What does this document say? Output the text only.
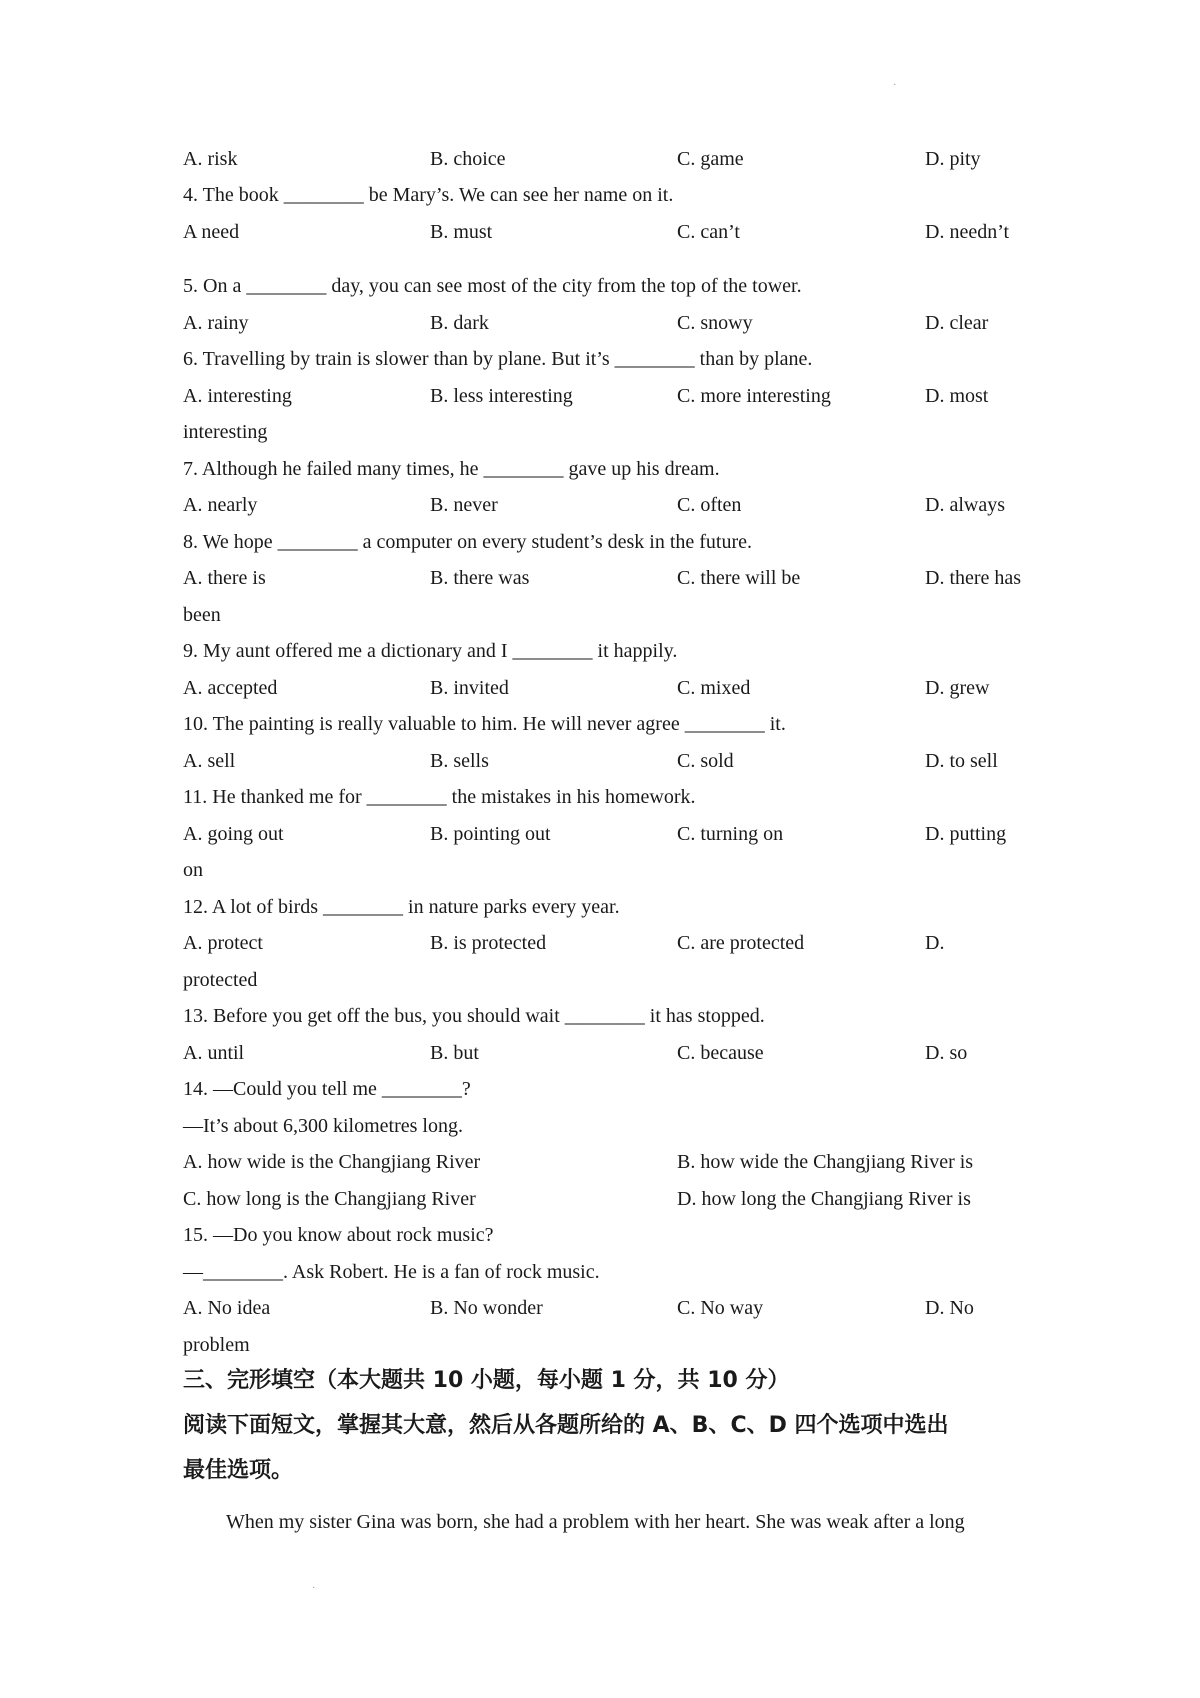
·
A. risk	B. choice	C. game	D. pity

4. The book ________ be Mary’s. We can see her name on it.

A need	B. must	C. can’t	D. needn’t

5. On a ________ day, you can see most of the city from the top of the tower.

A. rainy	B. dark	C. snowy	D. clear

6. Travelling by train is slower than by plane. But it’s ________ than by plane.

A. interesting	B. less interesting	C. more interesting	D. most

interesting

7. Although he failed many times, he ________ gave up his dream.

A. nearly	B. never	C. often	D. always

8. We hope ________ a computer on every student’s desk in the future.

A. there is	B. there was	C. there will be	D. there has

been

9. My aunt offered me a dictionary and I ________ it happily.

A. accepted	B. invited	C. mixed	D. grew

10. The painting is really valuable to him. He will never agree ________ it.

A. sell	B. sells	C. sold	D. to sell

11. He thanked me for ________ the mistakes in his homework.

A. going out	B. pointing out	C. turning on	D. putting

on

12. A lot of birds ________ in nature parks every year.

A. protect	B. is protected	C. are protected	D.

protected

13. Before you get off the bus, you should wait ________ it has stopped.

A. until	B. but	C. because	D. so

14. —Could you tell me ________?

—It’s about 6,300 kilometres long.

A. how wide is the Changjiang River	B. how wide the Changjiang River is
C. how long is the Changjiang River	D. how long the Changjiang River is

15. —Do you know about rock music?

—________. Ask Robert. He is a fan of rock music.

A. No idea	B. No wonder	C. No way	D. No

problem

三、完形填空（本大题共 10 小题，每小题 1 分，共 10 分）

阅读下面短文，掌握其大意，然后从各题所给的 A、B、C、D 四个选项中选出

最佳选项。

When my sister Gina was born, she had a problem with her heart. She was weak after a long

·
